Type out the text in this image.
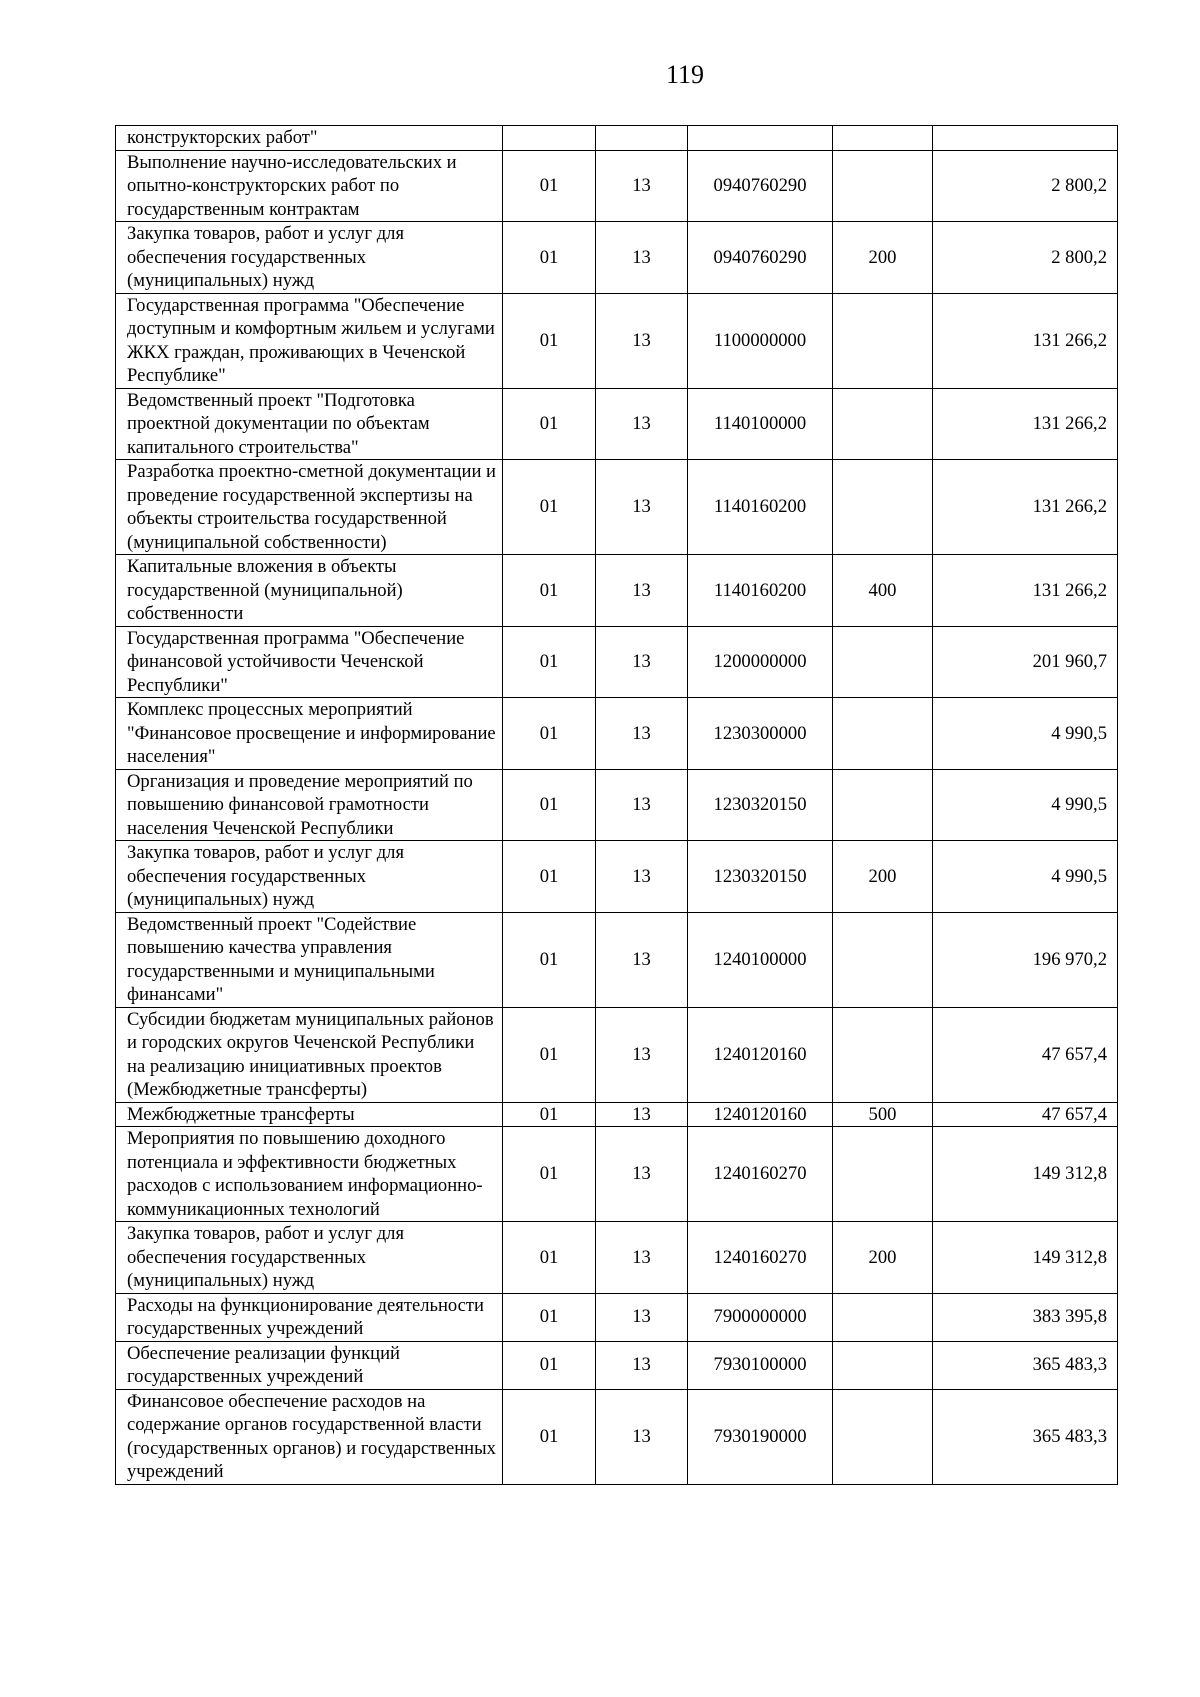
119
конструкторских работ"					
Выполнение научно-исследовательских и опытно-конструкторских работ по государственным контрактам	01	13	0940760290		2 800,2
Закупка товаров, работ и услуг для обеспечения государственных (муниципальных) нужд	01	13	0940760290	200	2 800,2
Государственная программа "Обеспечение доступным и комфортным жильем и услугами ЖКХ граждан, проживающих в Чеченской Республике"	01	13	1100000000		131 266,2
Ведомственный проект "Подготовка проектной документации по объектам капитального строительства"	01	13	1140100000		131 266,2
Разработка проектно-сметной документации и проведение государственной экспертизы на объекты строительства государственной (муниципальной собственности)	01	13	1140160200		131 266,2
Капитальные вложения в объекты государственной (муниципальной) собственности	01	13	1140160200	400	131 266,2
Государственная программа "Обеспечение финансовой устойчивости Чеченской Республики"	01	13	1200000000		201 960,7
Комплекс процессных мероприятий "Финансовое просвещение и информирование населения"	01	13	1230300000		4 990,5
Организация и проведение мероприятий по повышению финансовой грамотности населения Чеченской Республики	01	13	1230320150		4 990,5
Закупка товаров, работ и услуг для обеспечения государственных (муниципальных) нужд	01	13	1230320150	200	4 990,5
Ведомственный проект "Содействие повышению качества управления государственными и муниципальными финансами"	01	13	1240100000		196 970,2
Субсидии бюджетам муниципальных районов и городских округов Чеченской Республики на реализацию инициативных проектов (Межбюджетные трансферты)	01	13	1240120160		47 657,4
Межбюджетные трансферты	01	13	1240120160	500	47 657,4
Мероприятия по повышению доходного потенциала и эффективности бюджетных расходов с использованием информационно-коммуникационных технологий	01	13	1240160270		149 312,8
Закупка товаров, работ и услуг для обеспечения государственных (муниципальных) нужд	01	13	1240160270	200	149 312,8
Расходы на функционирование деятельности государственных учреждений	01	13	7900000000		383 395,8
Обеспечение реализации функций государственных учреждений	01	13	7930100000		365 483,3
Финансовое обеспечение расходов на содержание органов государственной власти (государственных органов) и государственных учреждений	01	13	7930190000		365 483,3
